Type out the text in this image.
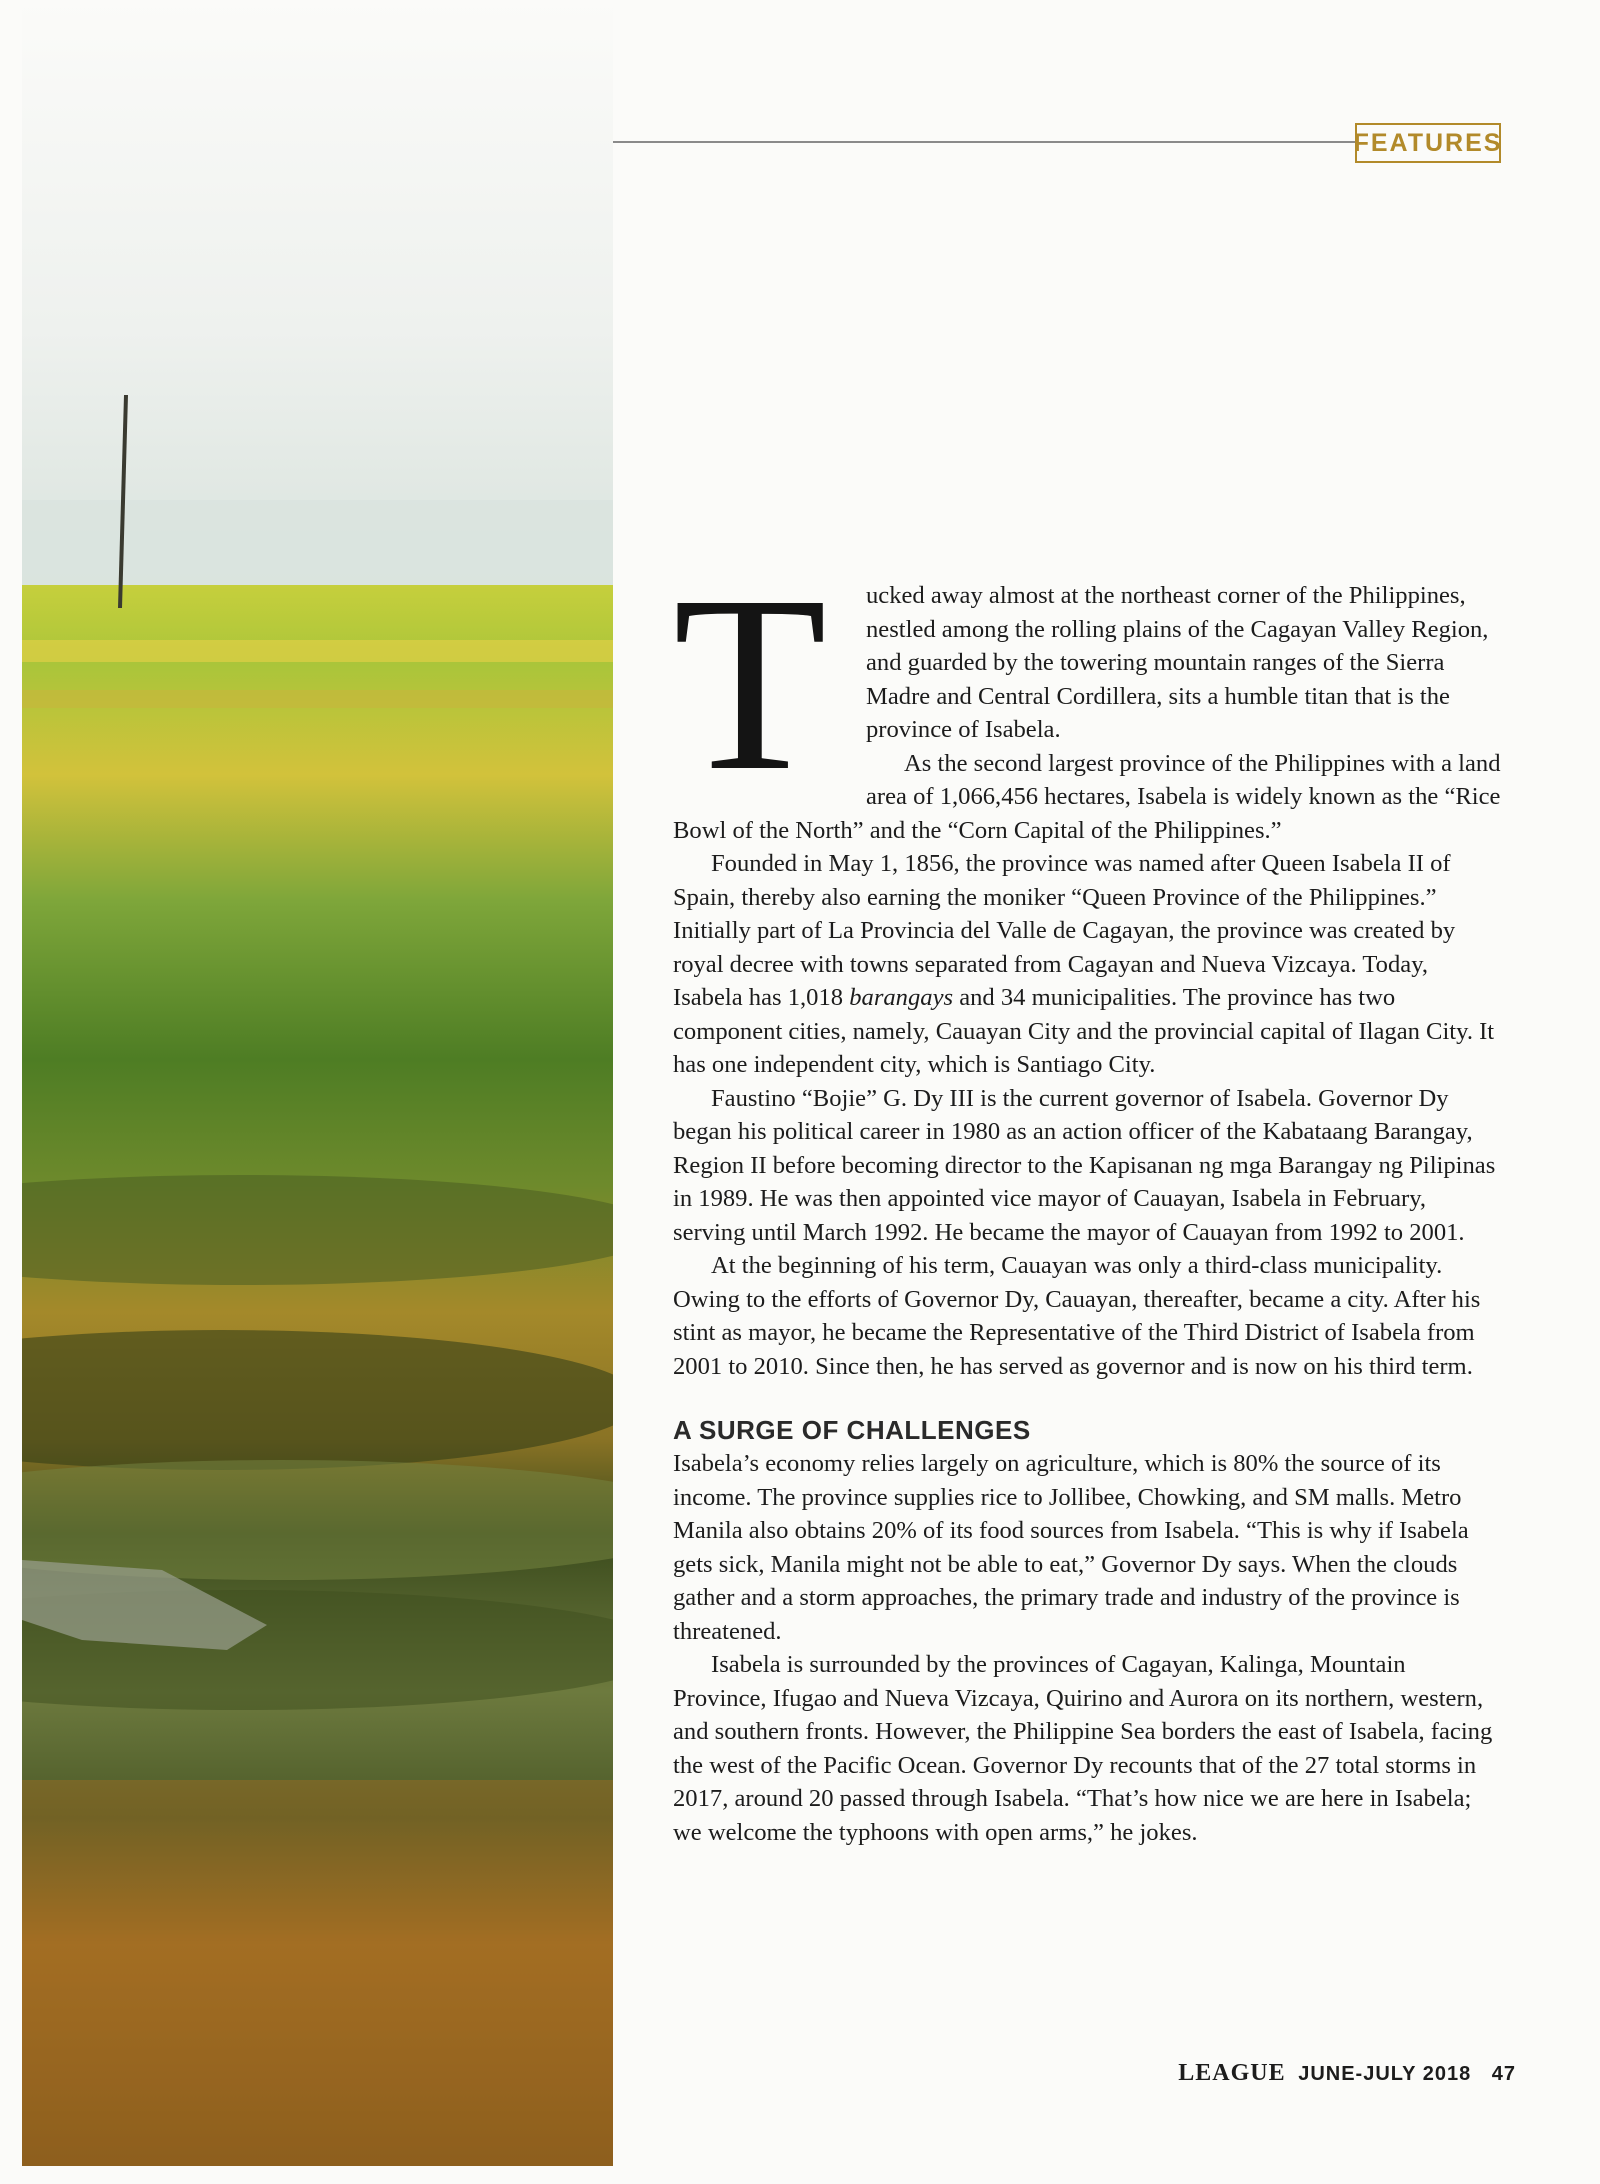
FEATURES

T	ucked away almost at the northeast corner of the Philippines, nestled among the rolling plains of the Cagayan Valley Region, and guarded by the towering mountain ranges of the Sierra Madre and Central Cordillera, sits a humble titan that is the province of Isabela.

As the second largest province of the Philippines with a land area of 1,066,456 hectares, Isabela is widely known as the “Rice Bowl of the North” and the “Corn Capital of the Philippines.”

Founded in May 1, 1856, the province was named after Queen Isabela II of Spain, thereby also earning the moniker “Queen Province of the Philippines.” Initially part of La Provincia del Valle de Cagayan, the province was created by royal decree with towns separated from Cagayan and Nueva Vizcaya. Today, Isabela has 1,018 barangays and 34 municipalities. The province has two component cities, namely, Cauayan City and the provincial capital of Ilagan City. It has one independent city, which is Santiago City.

Faustino “Bojie” G. Dy III is the current governor of Isabela. Governor Dy began his political career in 1980 as an action officer of the Kabataang Barangay, Region II before becoming director to the Kapisanan ng mga Barangay ng Pilipinas in 1989. He was then appointed vice mayor of Cauayan, Isabela in February, serving until March 1992. He became the mayor of Cauayan from 1992 to 2001.

At the beginning of his term, Cauayan was only a third-class municipality. Owing to the efforts of Governor Dy, Cauayan, thereafter, became a city. After his stint as mayor, he became the Representative of the Third District of Isabela from 2001 to 2010. Since then, he has served as governor and is now on his third term.

A SURGE OF CHALLENGES

Isabela’s economy relies largely on agriculture, which is 80% the source of its income. The province supplies rice to Jollibee, Chowking, and SM malls. Metro Manila also obtains 20% of its food sources from Isabela. “This is why if Isabela gets sick, Manila might not be able to eat,” Governor Dy says. When the clouds gather and a storm approaches, the primary trade and industry of the province is threatened.

Isabela is surrounded by the provinces of Cagayan, Kalinga, Mountain Province, Ifugao and Nueva Vizcaya, Quirino and Aurora on its northern, western, and southern fronts. However, the Philippine Sea borders the east of Isabela, facing the west of the Pacific Ocean. Governor Dy recounts that of the 27 total storms in 2017, around 20 passed through Isabela. “That’s how nice we are here in Isabela; we welcome the typhoons with open arms,” he jokes.

LEAGUE JUNE-JULY 2018 47
